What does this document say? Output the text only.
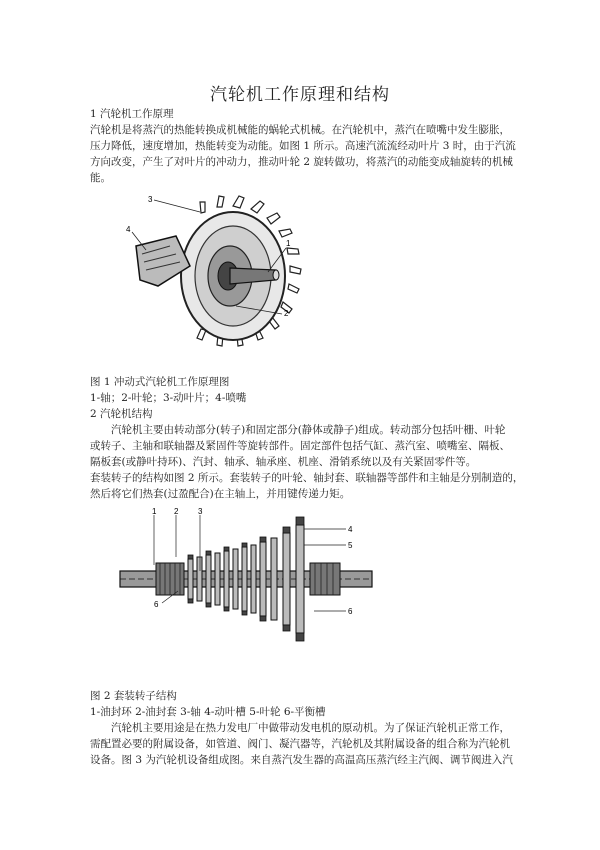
汽轮机工作原理和结构
1 汽轮机工作原理
汽轮机是将蒸汽的热能转换成机械能的蜗轮式机械。在汽轮机中，蒸汽在喷嘴中发生膨胀，
压力降低，速度增加，热能转变为动能。如图 1 所示。高速汽流流经动叶片 3 时，由于汽流
方向改变，产生了对叶片的冲动力，推动叶轮 2 旋转做功，将蒸汽的动能变成轴旋转的机械
能。
3
4
1
2
图 1 冲动式汽轮机工作原理图
1-轴；2-叶轮；3-动叶片；4-喷嘴
2 汽轮机结构
汽轮机主要由转动部分(转子)和固定部分(静体或静子)组成。转动部分包括叶栅、叶轮
或转子、主轴和联轴器及紧固件等旋转部件。固定部件包括气缸、蒸汽室、喷嘴室、隔板、
隔板套(或静叶持环)、汽封、轴承、轴承座、机座、滑销系统以及有关紧固零件等。
套装转子的结构如图 2 所示。套装转子的叶轮、轴封套、联轴器等部件和主轴是分别制造的，
然后将它们热套(过盈配合)在主轴上，并用键传递力矩。
1 2 3
4
5
6
6
图 2 套装转子结构
1-油封环 2-油封套 3-轴 4-动叶槽 5-叶轮 6-平衡槽
汽轮机主要用途是在热力发电厂中做带动发电机的原动机。为了保证汽轮机正常工作，
需配置必要的附属设备，如管道、阀门、凝汽器等，汽轮机及其附属设备的组合称为汽轮机
设备。图 3 为汽轮机设备组成图。来自蒸汽发生器的高温高压蒸汽经主汽阀、调节阀进入汽
